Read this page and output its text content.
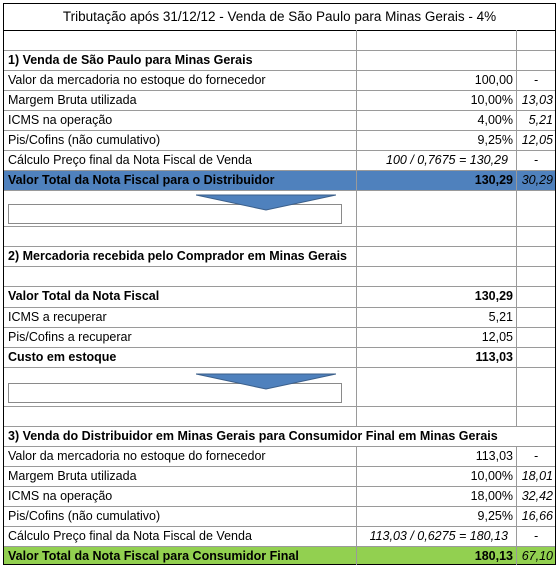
Tributação após 31/12/12 - Venda de São Paulo para Minas Gerais - 4%
1) Venda de São Paulo para Minas Gerais
Valor da mercadoria no estoque do fornecedor	100,00	-
Margem Bruta utilizada	10,00% 13,03
ICMS na operação	4,00%	5,21
Pis/Cofins (não cumulativo)	9,25% 12,05
Cálculo Preço final da Nota Fiscal de Venda	100 / 0,7675 = 130,29	-
Valor Total da Nota Fiscal para o Distribuidor	130,29 30,29
2) Mercadoria recebida pelo Comprador em Minas Gerais
Valor Total da Nota Fiscal	130,29
ICMS a recuperar	5,21
Pis/Cofins a recuperar	12,05
Custo em estoque	113,03
3) Venda do Distribuidor em Minas Gerais para Consumidor Final em Minas Gerais
Valor da mercadoria no estoque do fornecedor	113,03	-
Margem Bruta utilizada	10,00% 18,01
ICMS na operação	18,00% 32,42
Pis/Cofins (não cumulativo)	9,25% 16,66
Cálculo Preço final da Nota Fiscal de Venda	113,03 / 0,6275 = 180,13	-
Valor Total da Nota Fiscal para Consumidor Final	180,13 67,10
